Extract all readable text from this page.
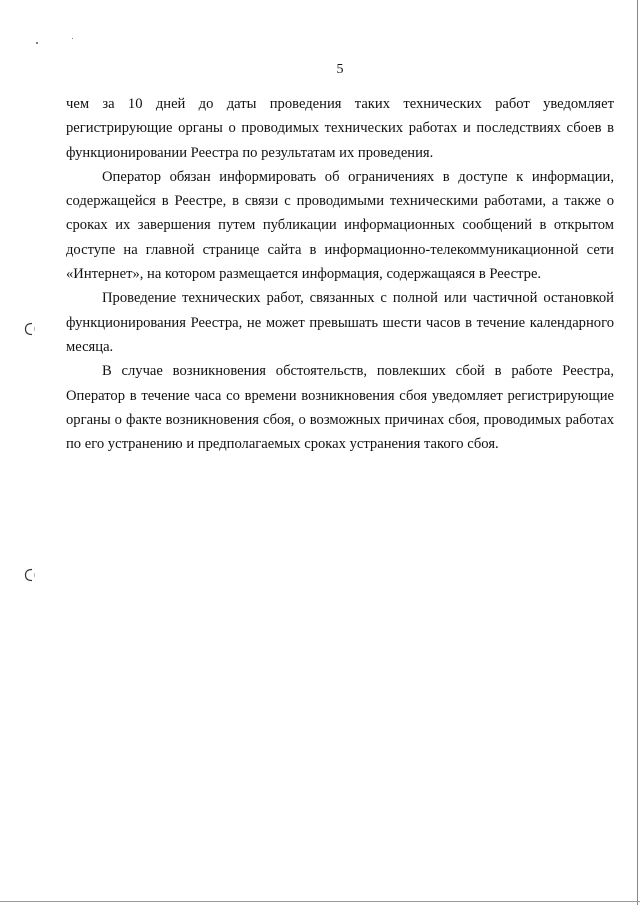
5

чем за 10 дней до даты проведения таких технических работ уведомляет регистрирующие органы о проводимых технических работах и последствиях сбоев в функционировании Реестра по результатам их проведения.

Оператор обязан информировать об ограничениях в доступе к информации, содержащейся в Реестре, в связи с проводимыми техническими работами, а также о сроках их завершения путем публикации информационных сообщений в открытом доступе на главной странице сайта в информационно-телекоммуникационной сети «Интернет», на котором размещается информация, содержащаяся в Реестре.

Проведение технических работ, связанных с полной или частичной остановкой функционирования Реестра, не может превышать шести часов в течение календарного месяца.

В случае возникновения обстоятельств, повлекших сбой в работе Реестра, Оператор в течение часа со времени возникновения сбоя уведомляет регистрирующие органы о факте возникновения сбоя, о возможных причинах сбоя, проводимых работах по его устранению и предполагаемых сроках устранения такого сбоя.
